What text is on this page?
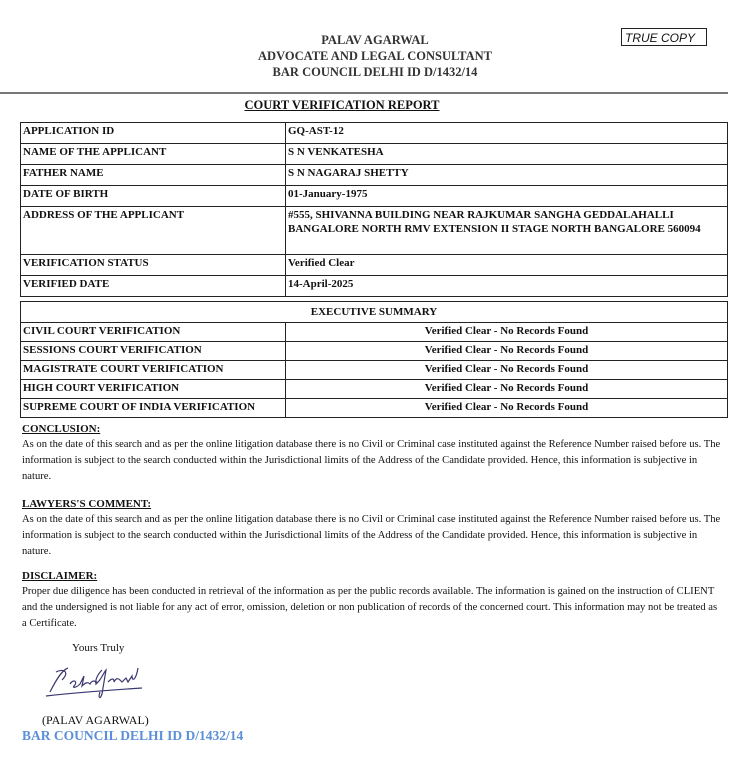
PALAV AGARWAL
ADVOCATE AND LEGAL CONSULTANT
BAR COUNCIL DELHI ID D/1432/14
TRUE COPY
COURT VERIFICATION REPORT
APPLICATION ID	GQ-AST-12
NAME OF THE APPLICANT	S N VENKATESHA
FATHER NAME	S N NAGARAJ SHETTY
DATE OF BIRTH	01-January-1975
ADDRESS OF THE APPLICANT	#555, SHIVANNA BUILDING NEAR RAJKUMAR SANGHA GEDDALAHALLI BANGALORE NORTH RMV EXTENSION II STAGE NORTH BANGALORE 560094
VERIFICATION STATUS	Verified Clear
VERIFIED DATE	14-April-2025
EXECUTIVE SUMMARY	
CIVIL COURT VERIFICATION	Verified Clear - No Records Found
SESSIONS COURT VERIFICATION	Verified Clear - No Records Found
MAGISTRATE COURT VERIFICATION	Verified Clear - No Records Found
HIGH COURT VERIFICATION	Verified Clear - No Records Found
SUPREME COURT OF INDIA VERIFICATION	Verified Clear - No Records Found
CONCLUSION:
As on the date of this search and as per the online litigation database there is no Civil or Criminal case instituted against the Reference Number raised before us. The information is subject to the search conducted within the Jurisdictional limits of the Address of the Candidate provided. Hence, this information is subjective in nature.
LAWYERS'S COMMENT:
As on the date of this search and as per the online litigation database there is no Civil or Criminal case instituted against the Reference Number raised before us. The information is subject to the search conducted within the Jurisdictional limits of the Address of the Candidate provided. Hence, this information is subjective in nature.
DISCLAIMER:
Proper due diligence has been conducted in retrieval of the information as per the public records available. The information is gained on the instruction of CLIENT and the undersigned is not liable for any act of error, omission, deletion or non publication of records of the concerned court. This information may not be treated as a Certificate.
Yours Truly
(PALAV AGARWAL)
BAR COUNCIL DELHI ID D/1432/14
